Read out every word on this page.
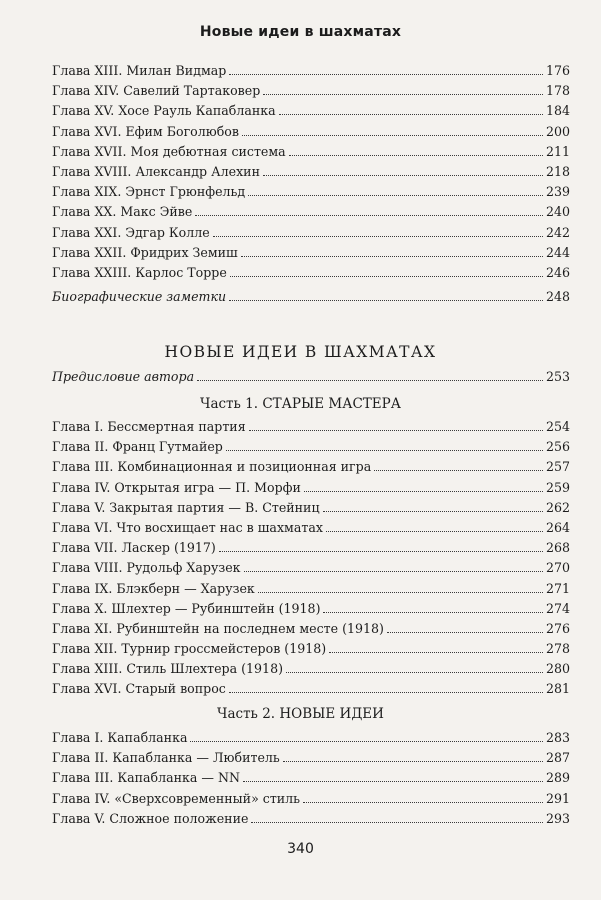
Новые идеи в шахматах
Глава XIII. Милан Видмар	176
Глава XIV. Савелий Тартаковер	178
Глава XV. Хосе Рауль Капабланка	184
Глава XVI. Ефим Боголюбов	200
Глава XVII. Моя дебютная система	211
Глава XVIII. Александр Алехин	218
Глава XIX. Эрнст Грюнфельд	239
Глава XX. Макс Эйве	240
Глава XXI. Эдгар Колле	242
Глава XXII. Фридрих Земиш	244
Глава XXIII. Карлос Торре	246
Биографические заметки	248
НОВЫЕ ИДЕИ В ШАХМАТАХ
Предисловие автора	253
Часть 1. СТАРЫЕ МАСТЕРА
Глава I. Бессмертная партия	254
Глава II. Франц Гутмайер	256
Глава III. Комбинационная и позиционная игра	257
Глава IV. Открытая игра — П. Морфи	259
Глава V. Закрытая партия — В. Стейниц	262
Глава VI. Что восхищает нас в шахматах	264
Глава VII. Ласкер (1917)	268
Глава VIII. Рудольф Харузек	270
Глава IX. Блэкберн — Харузек	271
Глава X. Шлехтер — Рубинштейн (1918)	274
Глава XI. Рубинштейн на последнем месте (1918)	276
Глава XII. Турнир гроссмейстеров (1918)	278
Глава XIII. Стиль Шлехтера (1918)	280
Глава XVI. Старый вопрос	281
Часть 2. НОВЫЕ ИДЕИ
Глава I. Капабланка	283
Глава II. Капабланка — Любитель	287
Глава III. Капабланка — NN	289
Глава IV. «Сверхсовременный» стиль	291
Глава V. Сложное положение	293
340
